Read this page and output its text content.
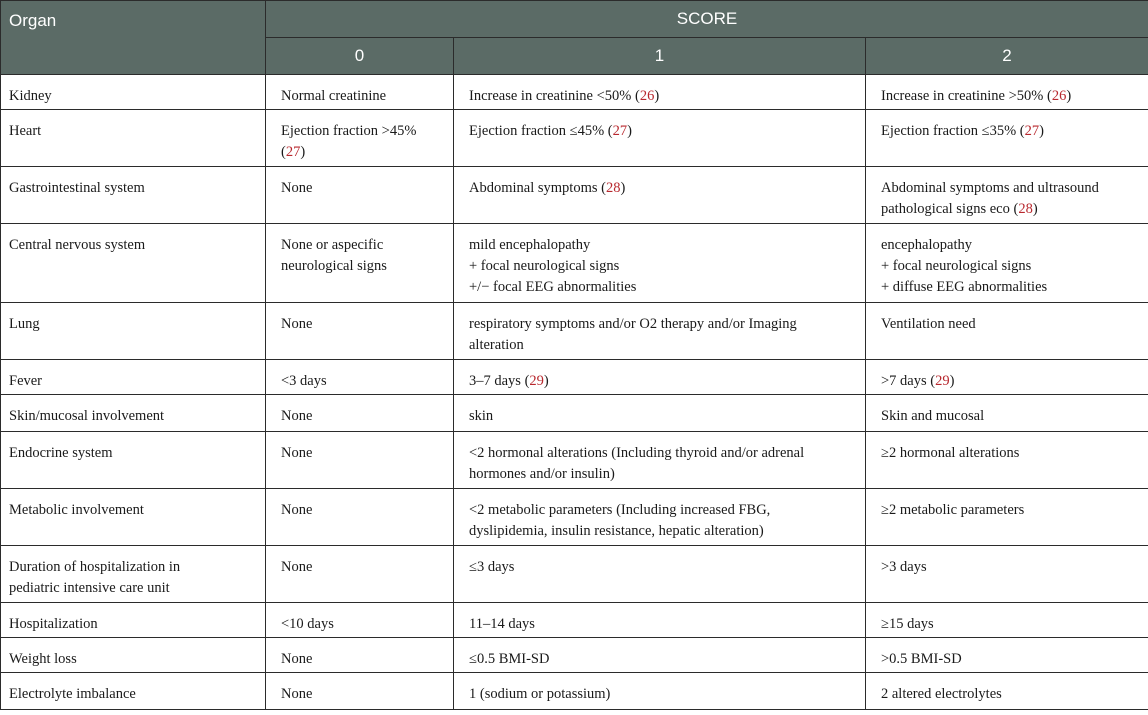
Organ	SCORE		
	0	1	2

Kidney	Normal creatinine	Increase in creatinine <50% (26)	Increase in creatinine >50% (26)

Heart	Ejection fraction >45%
(27)	Ejection fraction ≤45% (27)	Ejection fraction ≤35% (27)

Gastrointestinal system	None	Abdominal symptoms (28)	Abdominal symptoms and ultrasound
pathological signs eco (28)

Central nervous system	None or aspecific
neurological signs	mild encephalopathy
+ focal neurological signs
+/− focal EEG abnormalities	encephalopathy
+ focal neurological signs
+ diffuse EEG abnormalities

Lung	None	respiratory symptoms and/or O2 therapy and/or Imaging
alteration	Ventilation need

Fever	<3 days	3–7 days (29)	>7 days (29)

Skin/mucosal involvement	None	skin	Skin and mucosal

Endocrine system	None	<2 hormonal alterations (Including thyroid and/or adrenal
hormones and/or insulin)	≥2 hormonal alterations

Metabolic involvement	None	<2 metabolic parameters (Including increased FBG,
dyslipidemia, insulin resistance, hepatic alteration)	≥2 metabolic parameters

Duration of hospitalization in
pediatric intensive care unit	None	≤3 days	>3 days

Hospitalization	<10 days	11–14 days	≥15 days

Weight loss	None	≤0.5 BMI-SD	>0.5 BMI-SD

Electrolyte imbalance	None	1 (sodium or potassium)	2 altered electrolytes
